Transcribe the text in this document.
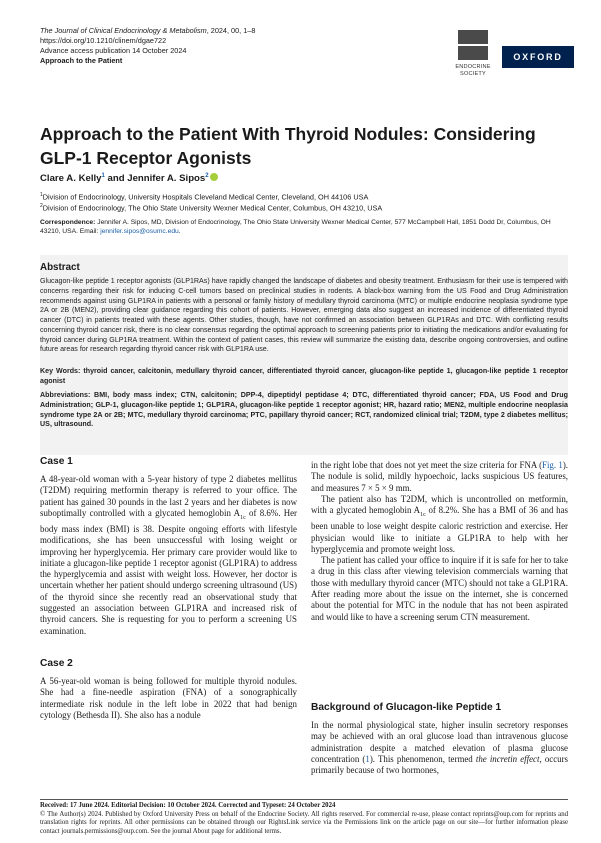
The Journal of Clinical Endocrinology & Metabolism, 2024, 00, 1–8
https://doi.org/10.1210/clinem/dgae722
Advance access publication 14 October 2024
Approach to the Patient
ENDOCRINE
SOCIETY
OXFORD
Approach to the Patient With Thyroid Nodules: Considering GLP-1 Receptor Agonists
Clare A. Kelly$^1$ and Jennifer A. Sipos$^2$
$^1$Division of Endocrinology, University Hospitals Cleveland Medical Center, Cleveland, OH 44106 USA
$^2$Division of Endocrinology, The Ohio State University Wexner Medical Center, Columbus, OH 43210, USA
Correspondence: Jennifer A. Sipos, MD, Division of Endocrinology, The Ohio State University Wexner Medical Center, 577 McCampbell Hall, 1851 Dodd Dr, Columbus, OH 43210, USA. Email: jennifer.sipos@osumc.edu.
Abstract

Glucagon-like peptide 1 receptor agonists (GLP1RAs) have rapidly changed the landscape of diabetes and obesity treatment. Enthusiasm for their use is tempered with concerns regarding their risk for inducing C-cell tumors based on preclinical studies in rodents. A black-box warning from the US Food and Drug Administration recommends against using GLP1RA in patients with a personal or family history of medullary thyroid carcinoma (MTC) or multiple endocrine neoplasia syndrome type 2A or 2B (MEN2), providing clear guidance regarding this cohort of patients. However, emerging data also suggest an increased incidence of differentiated thyroid cancer (DTC) in patients treated with these agents. Other studies, though, have not confirmed an association between GLP1RAs and DTC. With conflicting results concerning thyroid cancer risk, there is no clear consensus regarding the optimal approach to screening patients prior to initiating the medications and/or evaluating for thyroid cancer during GLP1RA treatment. Within the context of patient cases, this review will summarize the existing data, describe ongoing controversies, and outline future areas for research regarding thyroid cancer risk with GLP1RA use.

Key Words: thyroid cancer, calcitonin, medullary thyroid cancer, differentiated thyroid cancer, glucagon-like peptide 1, glucagon-like peptide 1 receptor agonist

Abbreviations: BMI, body mass index; CTN, calcitonin; DPP-4, dipeptidyl peptidase 4; DTC, differentiated thyroid cancer; FDA, US Food and Drug Administration; GLP-1, glucagon-like peptide 1; GLP1RA, glucagon-like peptide 1 receptor agonist; HR, hazard ratio; MEN2, multiple endocrine neoplasia syndrome type 2A or 2B; MTC, medullary thyroid carcinoma; PTC, papillary thyroid cancer; RCT, randomized clinical trial; T2DM, type 2 diabetes mellitus; US, ultrasound.

Case 1

A 48-year-old woman with a 5-year history of type 2 diabetes mellitus (T2DM) requiring metformin therapy is referred to your office. The patient has gained 30 pounds in the last 2 years and her diabetes is now suboptimally controlled with a glycated hemoglobin $A_{1c}$ of 8.6%. Her body mass index (BMI) is 38. Despite ongoing efforts with lifestyle modifications, she has been unsuccessful with losing weight or improving her hyperglycemia. Her primary care provider would like to initiate a glucagon-like peptide 1 receptor agonist (GLP1RA) to address the hyperglycemia and assist with weight loss. However, her doctor is uncertain whether her patient should undergo screening ultrasound (US) of the thyroid since she recently read an observational study that suggested an association between GLP1RA and increased risk of thyroid cancers. She is requesting for you to perform a screening US examination.

Case 2

A 56-year-old woman is being followed for multiple thyroid nodules. She had a fine-needle aspiration (FNA) of a sonographically intermediate risk nodule in the left lobe in 2022 that had benign cytology (Bethesda II). She also has a nodule

in the right lobe that does not yet meet the size criteria for FNA (Fig. 1). The nodule is solid, mildly hypoechoic, lacks suspicious US features, and measures 7 × 5 × 9 mm.

The patient also has T2DM, which is uncontrolled on metformin, with a glycated hemoglobin $A_{1c}$ of 8.2%. She has a BMI of 36 and has been unable to lose weight despite caloric restriction and exercise. Her physician would like to initiate a GLP1RA to help with her hyperglycemia and promote weight loss.

The patient has called your office to inquire if it is safe for her to take a drug in this class after viewing television commercials warning that those with medullary thyroid cancer (MTC) should not take a GLP1RA. After reading more about the issue on the internet, she is concerned about the potential for MTC in the nodule that has not been aspirated and would like to have a screening serum CTN measurement.

Background of Glucagon-like Peptide 1

In the normal physiological state, higher insulin secretory responses may be achieved with an oral glucose load than intravenous glucose administration despite a matched elevation of plasma glucose concentration (1). This phenomenon, termed the incretin effect, occurs primarily because of two hormones,

Received: 17 June 2024. Editorial Decision: 10 October 2024. Corrected and Typeset: 24 October 2024
© The Author(s) 2024. Published by Oxford University Press on behalf of the Endocrine Society. All rights reserved. For commercial re-use, please contact reprints@oup.com for reprints and translation rights for reprints. All other permissions can be obtained through our RightsLink service via the Permissions link on the article page on our site—for further information please contact journals.permissions@oup.com. See the journal About page for additional terms.
